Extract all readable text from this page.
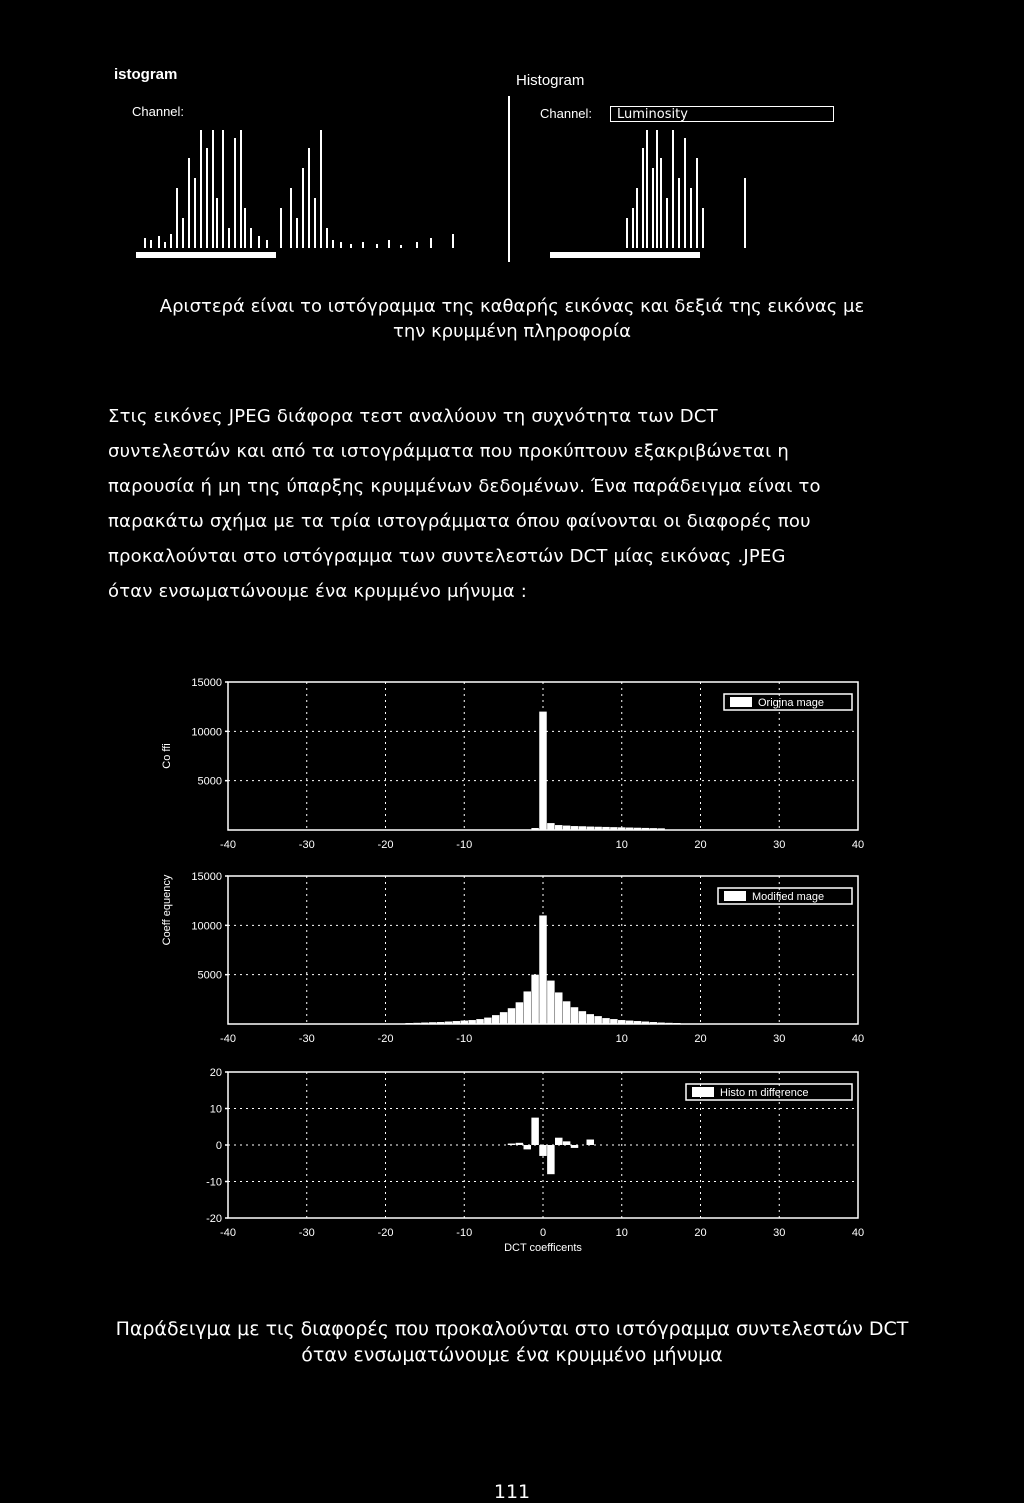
istogram
Channel:
Histogram
Channel:	Luminosity
Αριστερά είναι το ιστόγραμμα της καθαρής εικόνας και δεξιά της εικόνας με
την κρυμμένη πληροφορία
Στις εικόνες JPEG διάφορα τεστ αναλύουν τη συχνότητα των DCT
συντελεστών και από τα ιστογράμματα που προκύπτουν εξακριβώνεται η
παρουσία ή μη της ύπαρξης κρυμμένων δεδομένων. Ένα παράδειγμα είναι το
παρακάτω σχήμα με τα τρία ιστογράμματα όπου φαίνονται οι διαφορές που
προκαλούνται στο ιστόγραμμα των συντελεστών DCT μίας εικόνας .JPEG
όταν ενσωματώνουμε ένα κρυμμένο μήνυμα :
15000
10000
5000
-40	-30	-20	-10	10	20	30	40
Origina mage
Co ffi
15000
10000
5000
-40	-30	-20	-10	10	20	30	40
Modified mage
Coeff equency
20
10
0
-10
-20
-40	-30	-20	-10	0	10	20	30	40
Histo m difference
DCT coefficents
Παράδειγμα με τις διαφορές που προκαλούνται στο ιστόγραμμα συντελεστών DCT
όταν ενσωματώνουμε ένα κρυμμένο μήνυμα
111
